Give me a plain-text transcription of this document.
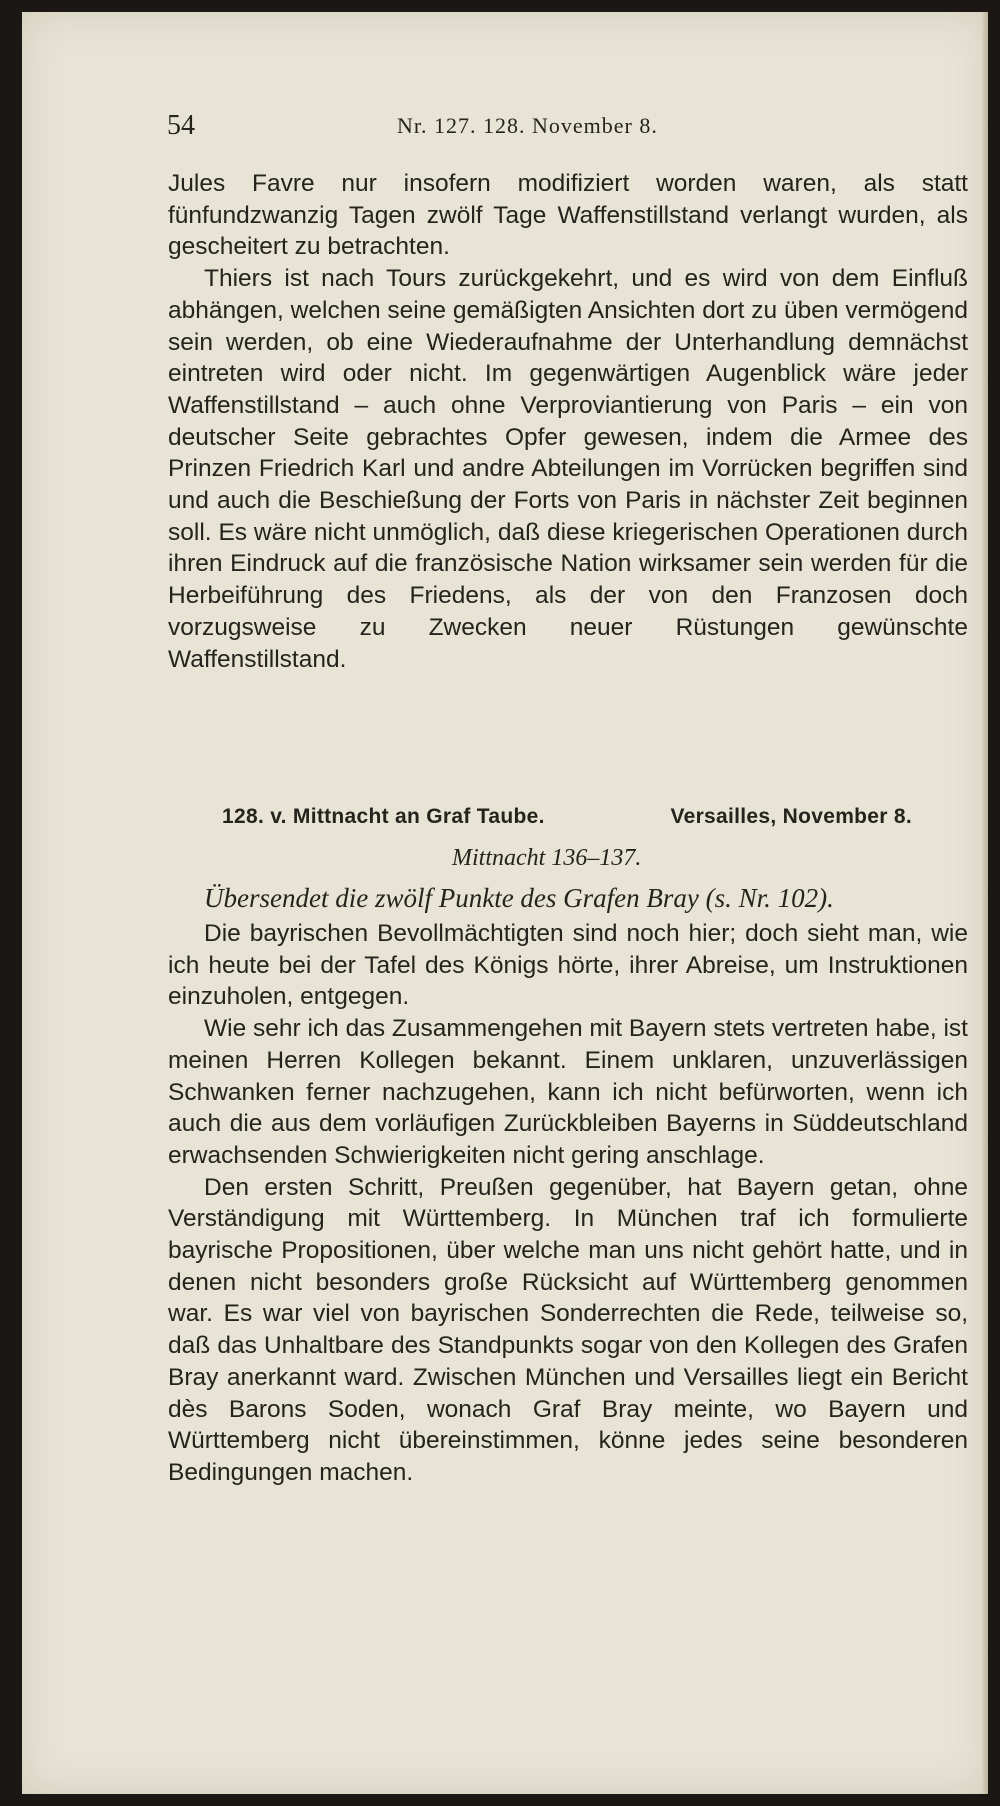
54	Nr. 127. 128. November 8.

Jules Favre nur insofern modifiziert worden waren, als statt fünfundzwanzig Tagen zwölf Tage Waffenstillstand verlangt wurden, als gescheitert zu betrachten.

Thiers ist nach Tours zurückgekehrt, und es wird von dem Einfluß abhängen, welchen seine gemäßigten Ansichten dort zu üben vermögend sein werden, ob eine Wiederaufnahme der Unterhandlung demnächst eintreten wird oder nicht. Im gegenwärtigen Augenblick wäre jeder Waffenstillstand – auch ohne Verproviantierung von Paris – ein von deutscher Seite gebrachtes Opfer gewesen, indem die Armee des Prinzen Friedrich Karl und andre Abteilungen im Vorrücken begriffen sind und auch die Beschießung der Forts von Paris in nächster Zeit beginnen soll. Es wäre nicht unmöglich, daß diese kriegerischen Operationen durch ihren Eindruck auf die französische Nation wirksamer sein werden für die Herbeiführung des Friedens, als der von den Franzosen doch vorzugsweise zu Zwecken neuer Rüstungen gewünschte Waffenstillstand.

128. v. Mittnacht an Graf Taube.	Versailles, November 8.
Mittnacht 136–137.
Übersendet die zwölf Punkte des Grafen Bray (s. Nr. 102).

Die bayrischen Bevollmächtigten sind noch hier; doch sieht man, wie ich heute bei der Tafel des Königs hörte, ihrer Abreise, um Instruktionen einzuholen, entgegen.

Wie sehr ich das Zusammengehen mit Bayern stets vertreten habe, ist meinen Herren Kollegen bekannt. Einem unklaren, unzuverlässigen Schwanken ferner nachzugehen, kann ich nicht befürworten, wenn ich auch die aus dem vorläufigen Zurückbleiben Bayerns in Süddeutschland erwachsenden Schwierigkeiten nicht gering anschlage.

Den ersten Schritt, Preußen gegenüber, hat Bayern getan, ohne Verständigung mit Württemberg. In München traf ich formulierte bayrische Propositionen, über welche man uns nicht gehört hatte, und in denen nicht besonders große Rücksicht auf Württemberg genommen war. Es war viel von bayrischen Sonderrechten die Rede, teilweise so, daß das Unhaltbare des Standpunkts sogar von den Kollegen des Grafen Bray anerkannt ward. Zwischen München und Versailles liegt ein Bericht dès Barons Soden, wonach Graf Bray meinte, wo Bayern und Württemberg nicht übereinstimmen, könne jedes seine besonderen Bedingungen machen.
